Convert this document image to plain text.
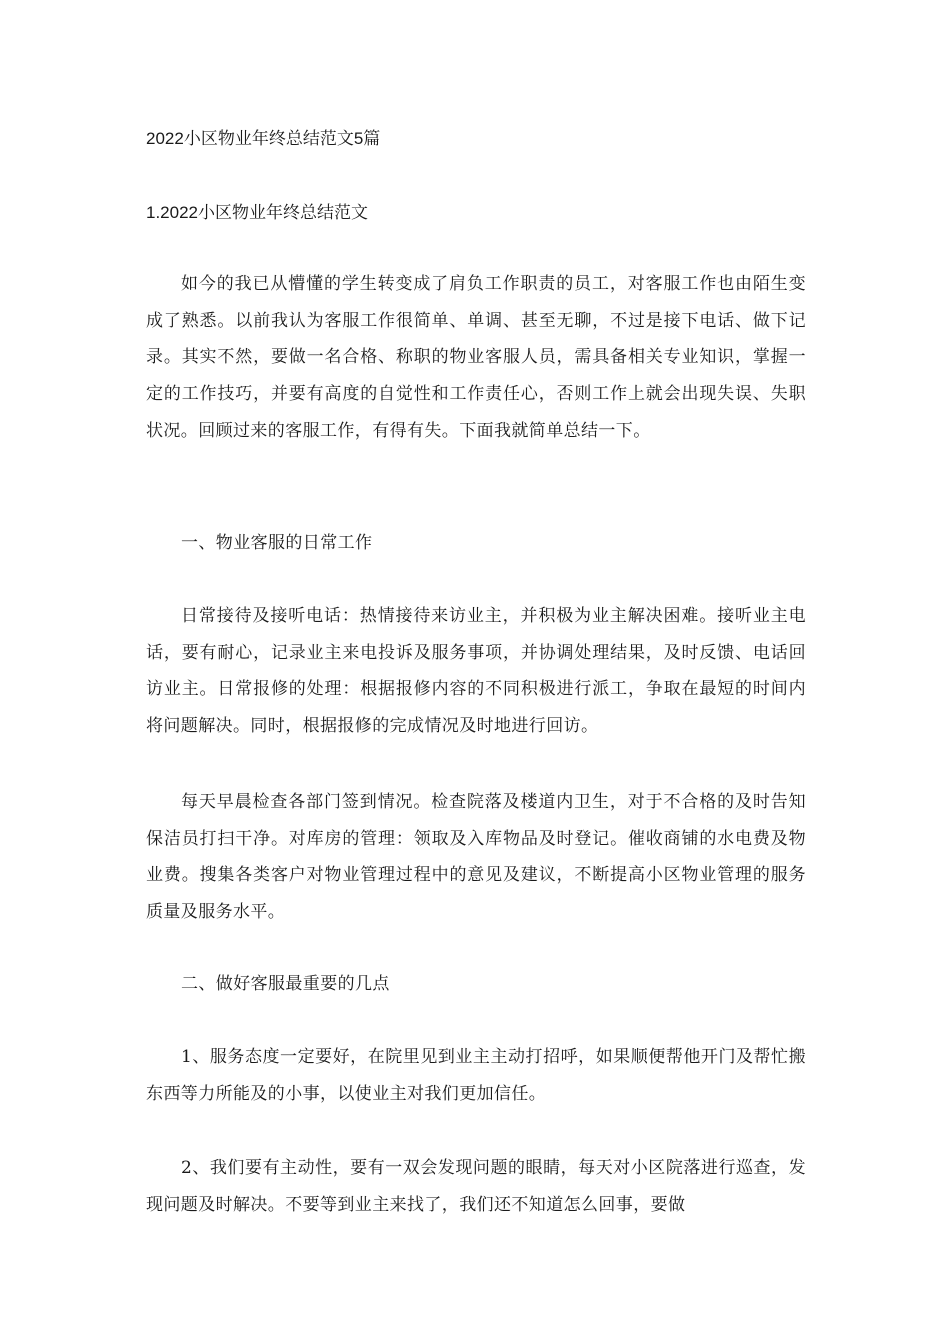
2022小区物业年终总结范文5篇
1.2022小区物业年终总结范文

如今的我已从懵懂的学生转变成了肩负工作职责的员工，对客服工作也由陌生变成了熟悉。以前我认为客服工作很简单、单调、甚至无聊，不过是接下电话、做下记录。其实不然，要做一名合格、称职的物业客服人员，需具备相关专业知识，掌握一定的工作技巧，并要有高度的自觉性和工作责任心，否则工作上就会出现失误、失职状况。回顾过来的客服工作，有得有失。下面我就简单总结一下。

一、物业客服的日常工作

日常接待及接听电话：热情接待来访业主，并积极为业主解决困难。接听业主电话，要有耐心，记录业主来电投诉及服务事项，并协调处理结果，及时反馈、电话回访业主。日常报修的处理：根据报修内容的不同积极进行派工，争取在最短的时间内将问题解决。同时，根据报修的完成情况及时地进行回访。

每天早晨检查各部门签到情况。检查院落及楼道内卫生，对于不合格的及时告知保洁员打扫干净。对库房的管理：领取及入库物品及时登记。催收商铺的水电费及物业费。搜集各类客户对物业管理过程中的意见及建议，不断提高小区物业管理的服务质量及服务水平。

二、做好客服最重要的几点

1、服务态度一定要好，在院里见到业主主动打招呼，如果顺便帮他开门及帮忙搬东西等力所能及的小事，以使业主对我们更加信任。

2、我们要有主动性，要有一双会发现问题的眼睛，每天对小区院落进行巡查，发现问题及时解决。不要等到业主来找了，我们还不知道怎么回事，要做
